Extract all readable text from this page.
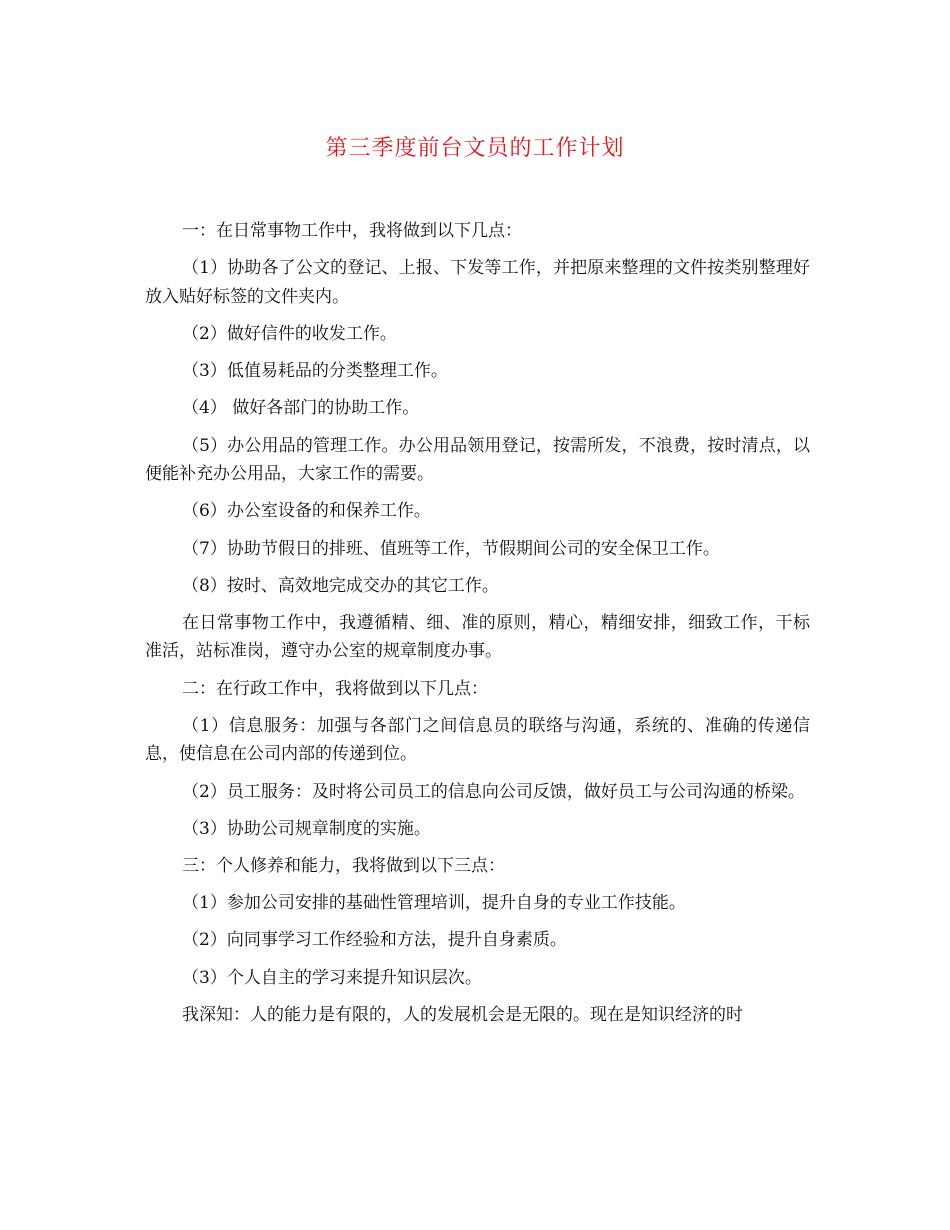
第三季度前台文员的工作计划

一：在日常事物工作中，我将做到以下几点：

（1）协助各了公文的登记、上报、下发等工作，并把原来整理的文件按类别整理好放入贴好标签的文件夹内。

（2）做好信件的收发工作。

（3）低值易耗品的分类整理工作。

（4） 做好各部门的协助工作。

（5）办公用品的管理工作。办公用品领用登记，按需所发，不浪费，按时清点，以便能补充办公用品，大家工作的需要。

（6）办公室设备的和保养工作。

（7）协助节假日的排班、值班等工作，节假期间公司的安全保卫工作。

（8）按时、高效地完成交办的其它工作。

在日常事物工作中，我遵循精、细、准的原则，精心，精细安排，细致工作，干标准活，站标准岗，遵守办公室的规章制度办事。

二：在行政工作中，我将做到以下几点：

（1）信息服务：加强与各部门之间信息员的联络与沟通，系统的、准确的传递信息，使信息在公司内部的传递到位。

（2）员工服务：及时将公司员工的信息向公司反馈，做好员工与公司沟通的桥梁。

（3）协助公司规章制度的实施。

三：个人修养和能力，我将做到以下三点：

（1）参加公司安排的基础性管理培训，提升自身的专业工作技能。

（2）向同事学习工作经验和方法，提升自身素质。

（3）个人自主的学习来提升知识层次。

我深知：人的能力是有限的，人的发展机会是无限的。现在是知识经济的时
